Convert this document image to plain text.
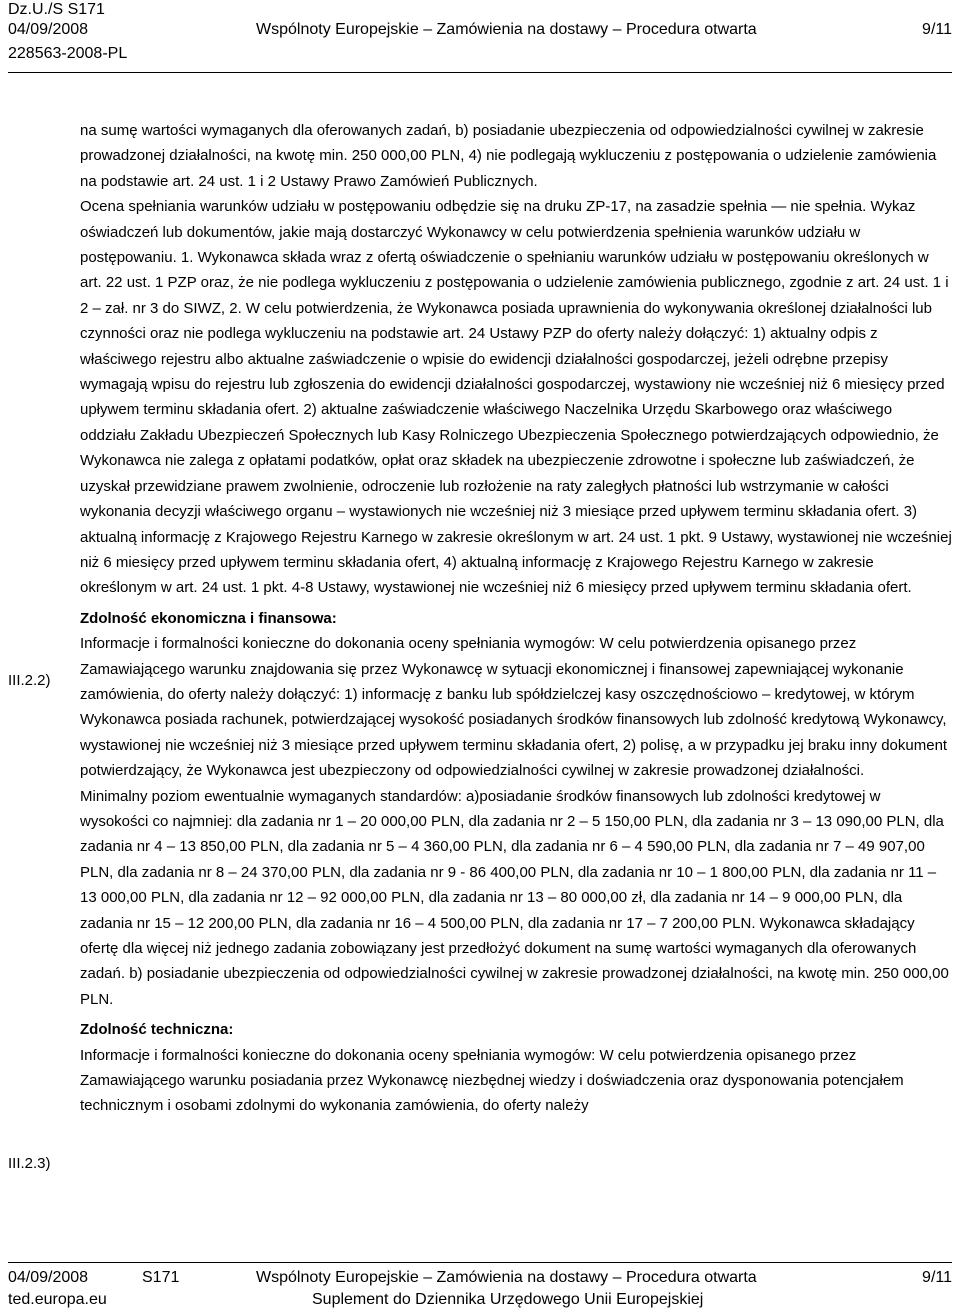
Dz.U./S S171
04/09/2008	Wspólnoty Europejskie – Zamówienia na dostawy – Procedura otwarta	9/11
228563-2008-PL
III.2.2)
III.2.3)

na sumę wartości wymaganych dla oferowanych zadań, b) posiadanie ubezpieczenia od odpowiedzialności cywilnej w zakresie prowadzonej działalności, na kwotę min. 250 000,00 PLN, 4) nie podlegają wykluczeniu z postępowania o udzielenie zamówienia na podstawie art. 24 ust. 1 i 2 Ustawy Prawo Zamówień Publicznych.

Ocena spełniania warunków udziału w postępowaniu odbędzie się na druku ZP-17, na zasadzie spełnia — nie spełnia. Wykaz oświadczeń lub dokumentów, jakie mają dostarczyć Wykonawcy w celu potwierdzenia spełnienia warunków udziału w postępowaniu. 1. Wykonawca składa wraz z ofertą oświadczenie o spełnianiu warunków udziału w postępowaniu określonych w art. 22 ust. 1 PZP oraz, że nie podlega wykluczeniu z postępowania o udzielenie zamówienia publicznego, zgodnie z art. 24 ust. 1 i 2 – zał. nr 3 do SIWZ, 2. W celu potwierdzenia, że Wykonawca posiada uprawnienia do wykonywania określonej działalności lub czynności oraz nie podlega wykluczeniu na podstawie art. 24 Ustawy PZP do oferty należy dołączyć: 1) aktualny odpis z właściwego rejestru albo aktualne zaświadczenie o wpisie do ewidencji działalności gospodarczej, jeżeli odrębne przepisy wymagają wpisu do rejestru lub zgłoszenia do ewidencji działalności gospodarczej, wystawiony nie wcześniej niż 6 miesięcy przed upływem terminu składania ofert. 2) aktualne zaświadczenie właściwego Naczelnika Urzędu Skarbowego oraz właściwego oddziału Zakładu Ubezpieczeń Społecznych lub Kasy Rolniczego Ubezpieczenia Społecznego potwierdzających odpowiednio, że Wykonawca nie zalega z opłatami podatków, opłat oraz składek na ubezpieczenie zdrowotne i społeczne lub zaświadczeń, że uzyskał przewidziane prawem zwolnienie, odroczenie lub rozłożenie na raty zaległych płatności lub wstrzymanie w całości wykonania decyzji właściwego organu – wystawionych nie wcześniej niż 3 miesiące przed upływem terminu składania ofert. 3) aktualną informację z Krajowego Rejestru Karnego w zakresie określonym w art. 24 ust. 1 pkt. 9 Ustawy, wystawionej nie wcześniej niż 6 miesięcy przed upływem terminu składania ofert, 4) aktualną informację z Krajowego Rejestru Karnego w zakresie określonym w art. 24 ust. 1 pkt. 4-8 Ustawy, wystawionej nie wcześniej niż 6 miesięcy przed upływem terminu składania ofert.

Zdolność ekonomiczna i finansowa:

Informacje i formalności konieczne do dokonania oceny spełniania wymogów: W celu potwierdzenia opisanego przez Zamawiającego warunku znajdowania się przez Wykonawcę w sytuacji ekonomicznej i finansowej zapewniającej wykonanie zamówienia, do oferty należy dołączyć: 1) informację z banku lub spółdzielczej kasy oszczędnościowo – kredytowej, w którym Wykonawca posiada rachunek, potwierdzającej wysokość posiadanych środków finansowych lub zdolność kredytową Wykonawcy, wystawionej nie wcześniej niż 3 miesiące przed upływem terminu składania ofert, 2) polisę, a w przypadku jej braku inny dokument potwierdzający, że Wykonawca jest ubezpieczony od odpowiedzialności cywilnej w zakresie prowadzonej działalności.

Minimalny poziom ewentualnie wymaganych standardów: a)posiadanie środków finansowych lub zdolności kredytowej w wysokości co najmniej: dla zadania nr 1 – 20 000,00 PLN, dla zadania nr 2 – 5 150,00 PLN, dla zadania nr 3 – 13 090,00 PLN, dla zadania nr 4 – 13 850,00 PLN, dla zadania nr 5 – 4 360,00 PLN, dla zadania nr 6 – 4 590,00 PLN, dla zadania nr 7 – 49 907,00 PLN, dla zadania nr 8 – 24 370,00 PLN, dla zadania nr 9 - 86 400,00 PLN, dla zadania nr 10 – 1 800,00 PLN, dla zadania nr 11 – 13 000,00 PLN, dla zadania nr 12 – 92 000,00 PLN, dla zadania nr 13 – 80 000,00 zł, dla zadania nr 14 – 9 000,00 PLN, dla zadania nr 15 – 12 200,00 PLN, dla zadania nr 16 – 4 500,00 PLN, dla zadania nr 17 – 7 200,00 PLN. Wykonawca składający ofertę dla więcej niż jednego zadania zobowiązany jest przedłożyć dokument na sumę wartości wymaganych dla oferowanych zadań. b) posiadanie ubezpieczenia od odpowiedzialności cywilnej w zakresie prowadzonej działalności, na kwotę min. 250 000,00 PLN.

Zdolność techniczna:

Informacje i formalności konieczne do dokonania oceny spełniania wymogów: W celu potwierdzenia opisanego przez Zamawiającego warunku posiadania przez Wykonawcę niezbędnej wiedzy i doświadczenia oraz dysponowania potencjałem technicznym i osobami zdolnymi do wykonania zamówienia, do oferty należy

04/09/2008	S171	Wspólnoty Europejskie – Zamówienia na dostawy – Procedura otwarta	9/11
ted.europa.eu	Suplement do Dziennika Urzędowego Unii Europejskiej
